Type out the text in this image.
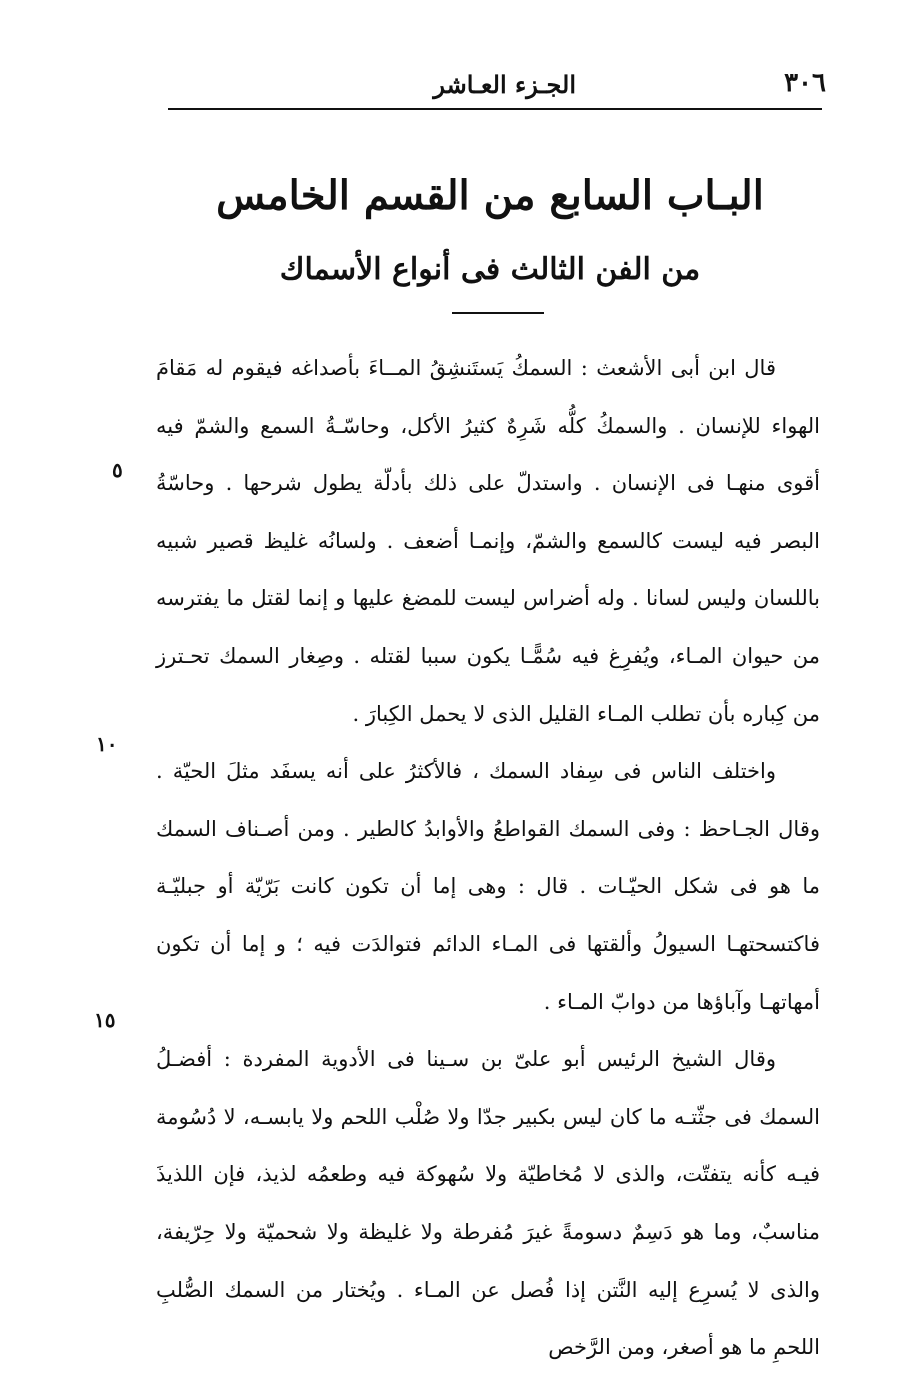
٣٠٦
الجـزء العـاشر
البـاب السابع من القسم الخامس
من الفن الثالث فى أنواع الأسماك

قال ابن أبى الأشعث : السمكُ يَستَنشِقُ المــاءَ بأصداغه فيقوم له مَقامَ الهواء للإنسان . والسمكُ كلُّه شَرِهٌ كثيرُ الأكل، وحاسّـةُ السمع والشمّ فيه أقوى منهـا فى الإنسان . واستدلّ على ذلك بأدلّة يطول شرحها . وحاسّةُ البصر فيه ليست كالسمع والشمّ، وإنمـا أضعف . ولسانُه غليظ قصير شبيه باللسان وليس لسانا . وله أضراس ليست للمضغ عليها و إنما لقتل ما يفترسه من حيوان المـاء، ويُفرِغ فيه سُمًّـا يكون سببا لقتله . وصِغار السمك تحـترز من كِباره بأن تطلب المـاء القليل الذى لا يحمل الكِبارَ .

واختلف الناس فى سِفاد السمك ، فالأكثرُ على أنه يسفَد مثلَ الحيّة . وقال الجـاحظ : وفى السمك القواطعُ والأوابدُ كالطير . ومن أصـناف السمك ما هو فى شكل الحيّـات . قال : وهى إما أن تكون كانت بَرّيّة أو جبليّـة فاكتسحتهـا السيولُ وألقتها فى المـاء الدائم فتوالدَت فيه ؛ و إما أن تكون أمهاتهـا وآباؤها من دوابّ المـاء .

وقال الشيخ الرئيس أبو علىّ بن سـينا فى الأدوية المفردة : أفضـلُ السمك فى جثّتـه ما كان ليس بكبير جدّا ولا صُلْب اللحم ولا يابسـه، لا دُسُومة فيـه كأنه يتفتّت، والذى لا مُخاطيّة ولا سُهوكة فيه وطعمُه لذيذ، فإن اللذيذَ مناسبٌ، وما هو دَسِمٌ دسومةً غيرَ مُفرطة ولا غليظة ولا شحميّة ولا حِرّيفة، والذى لا يُسرِع إليه النَّتن إذا فُصل عن المـاء . ويُختار من السمك الصُّلبِ اللحمِ ما هو أصغر، ومن الرَّخص

٥
١٠
١٥
